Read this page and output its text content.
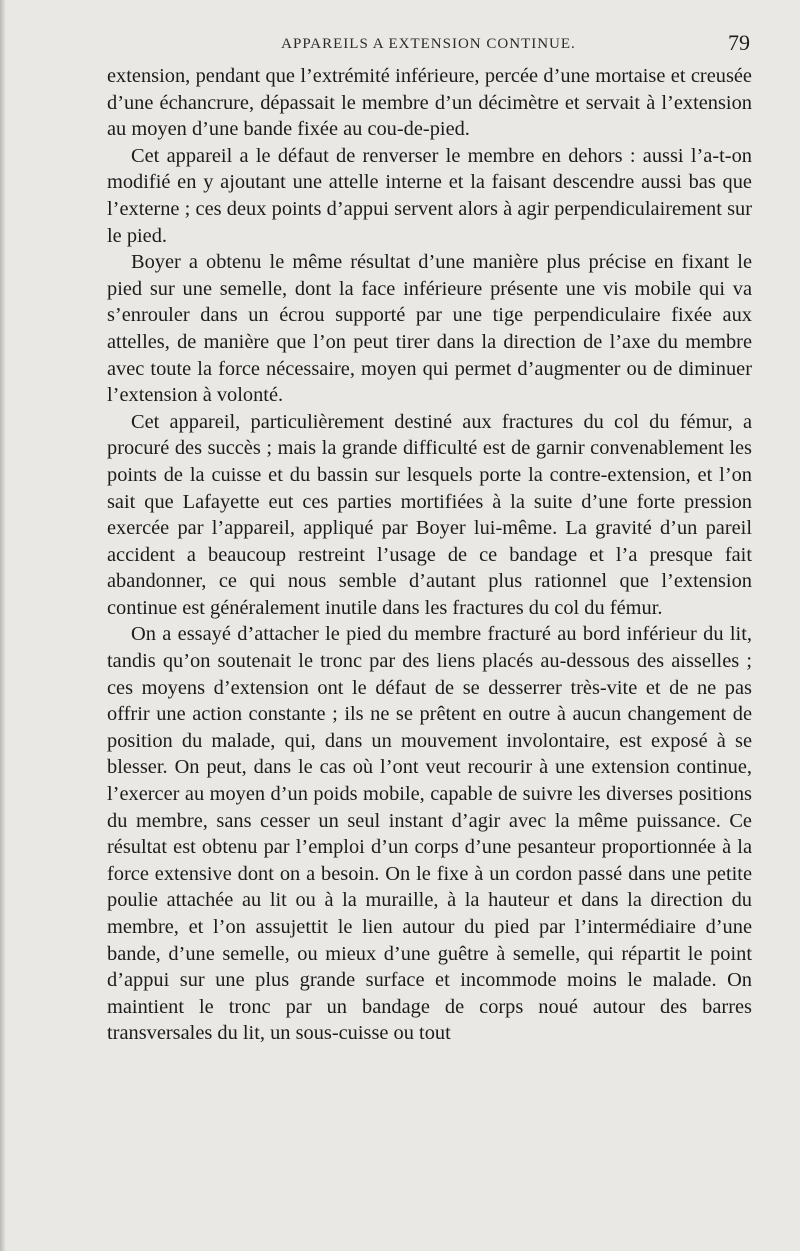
APPAREILS A EXTENSION CONTINUE.	79

extension, pendant que l’extrémité inférieure, percée d’une mortaise et creusée d’une échancrure, dépassait le membre d’un décimètre et servait à l’extension au moyen d’une bande fixée au cou-de-pied.

Cet appareil a le défaut de renverser le membre en dehors : aussi l’a-t-on modifié en y ajoutant une attelle interne et la faisant descendre aussi bas que l’externe ; ces deux points d’appui servent alors à agir perpendiculairement sur le pied.

Boyer a obtenu le même résultat d’une manière plus précise en fixant le pied sur une semelle, dont la face inférieure présente une vis mobile qui va s’enrouler dans un écrou supporté par une tige perpendiculaire fixée aux attelles, de manière que l’on peut tirer dans la direction de l’axe du membre avec toute la force nécessaire, moyen qui permet d’augmenter ou de diminuer l’extension à volonté.

Cet appareil, particulièrement destiné aux fractures du col du fémur, a procuré des succès ; mais la grande difficulté est de garnir convenablement les points de la cuisse et du bassin sur lesquels porte la contre-extension, et l’on sait que Lafayette eut ces parties mortifiées à la suite d’une forte pression exercée par l’appareil, appliqué par Boyer lui-même. La gravité d’un pareil accident a beaucoup restreint l’usage de ce bandage et l’a presque fait abandonner, ce qui nous semble d’autant plus rationnel que l’extension continue est généralement inutile dans les fractures du col du fémur.

On a essayé d’attacher le pied du membre fracturé au bord inférieur du lit, tandis qu’on soutenait le tronc par des liens placés au-dessous des aisselles ; ces moyens d’extension ont le défaut de se desserrer très-vite et de ne pas offrir une action constante ; ils ne se prêtent en outre à aucun changement de position du malade, qui, dans un mouvement involontaire, est exposé à se blesser. On peut, dans le cas où l’ont veut recourir à une extension continue, l’exercer au moyen d’un poids mobile, capable de suivre les diverses positions du membre, sans cesser un seul instant d’agir avec la même puissance. Ce résultat est obtenu par l’emploi d’un corps d’une pesanteur proportionnée à la force extensive dont on a besoin. On le fixe à un cordon passé dans une petite poulie attachée au lit ou à la muraille, à la hauteur et dans la direction du membre, et l’on assujettit le lien autour du pied par l’intermédiaire d’une bande, d’une semelle, ou mieux d’une guêtre à semelle, qui répartit le point d’appui sur une plus grande surface et incommode moins le malade. On maintient le tronc par un bandage de corps noué autour des barres transversales du lit, un sous-cuisse ou tout
